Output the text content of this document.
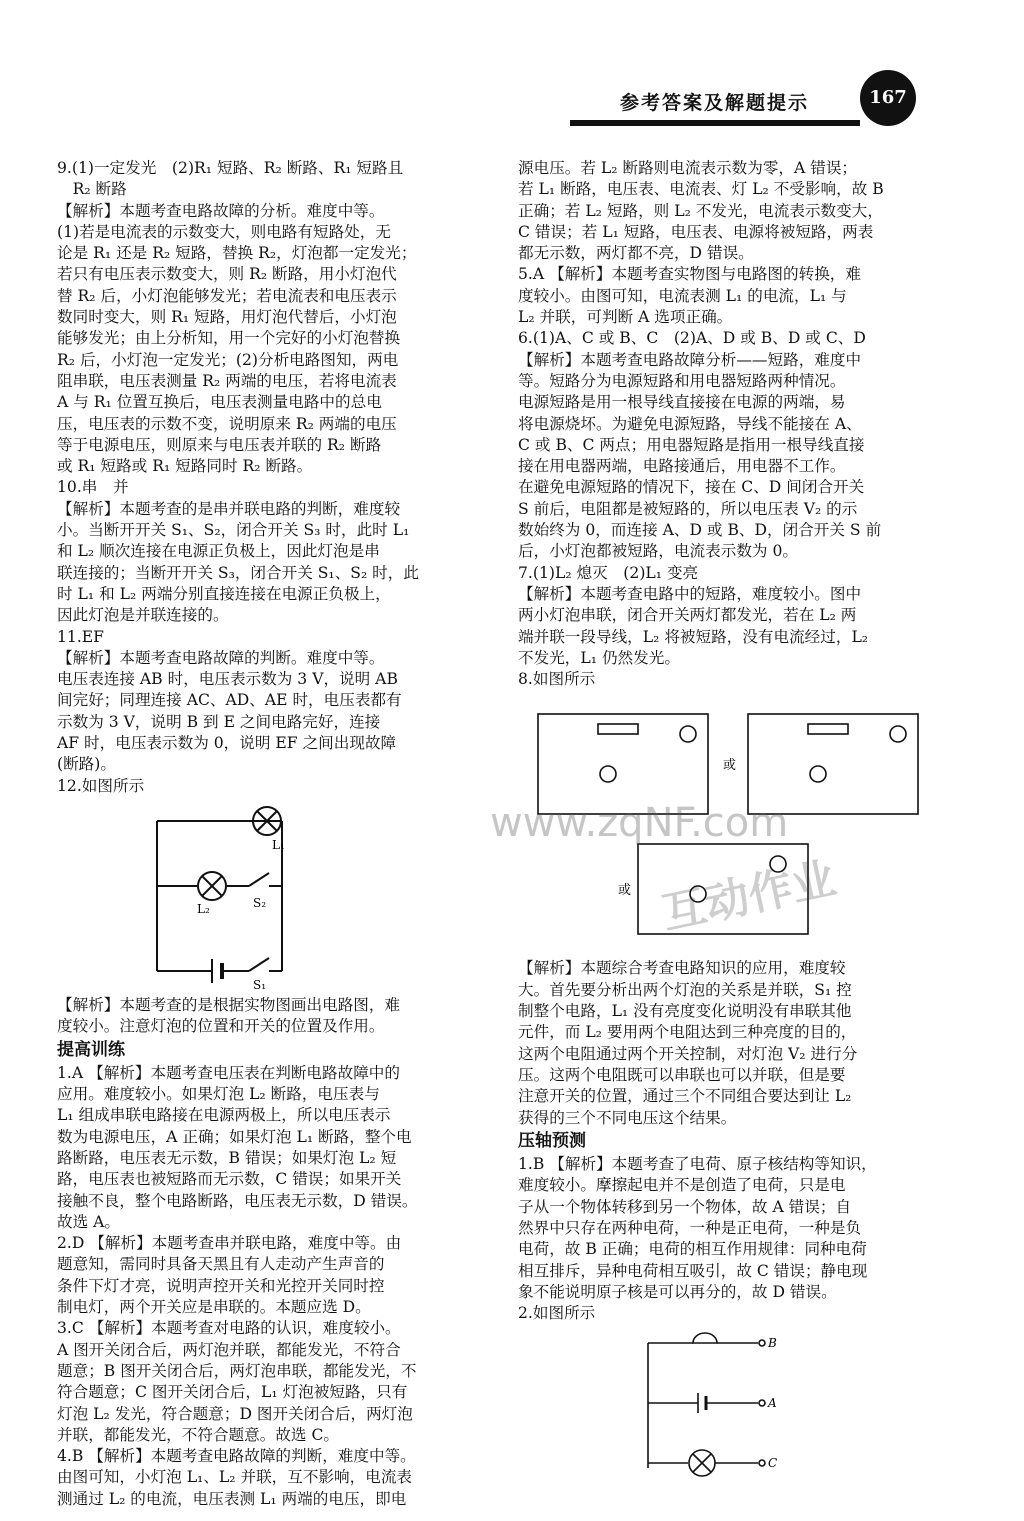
参考答案及解题提示	167
9.(1)一定发光　(2)R₁ 短路、R₂ 断路、R₁ 短路且
　R₂ 断路
【解析】本题考查电路故障的分析。难度中等。
(1)若是电流表的示数变大，则电路有短路处，无
论是 R₁ 还是 R₂ 短路，替换 R₂，灯泡都一定发光；
若只有电压表示数变大，则 R₂ 断路，用小灯泡代
替 R₂ 后，小灯泡能够发光；若电流表和电压表示
数同时变大，则 R₁ 短路，用灯泡代替后，小灯泡
能够发光；由上分析知，用一个完好的小灯泡替换
R₂ 后，小灯泡一定发光；(2)分析电路图知，两电
阻串联，电压表测量 R₂ 两端的电压，若将电流表
A 与 R₁ 位置互换后，电压表测量电路中的总电
压，电压表的示数不变，说明原来 R₂ 两端的电压
等于电源电压，则原来与电压表并联的 R₂ 断路
或 R₁ 短路或 R₁ 短路同时 R₂ 断路。
10.串　并
【解析】本题考查的是串并联电路的判断，难度较
小。当断开开关 S₁、S₂，闭合开关 S₃ 时，此时 L₁
和 L₂ 顺次连接在电源正负极上，因此灯泡是串
联连接的；当断开开关 S₃，闭合开关 S₁、S₂ 时，此
时 L₁ 和 L₂ 两端分别直接连接在电源正负极上，
因此灯泡是并联连接的。
11.EF
【解析】本题考查电路故障的判断。难度中等。
电压表连接 AB 时，电压表示数为 3 V，说明 AB
间完好；同理连接 AC、AD、AE 时，电压表都有
示数为 3 V，说明 B 到 E 之间电路完好，连接
AF 时，电压表示数为 0，说明 EF 之间出现故障
(断路)。
12.如图所示
L₁
L₂	S₂
S₁
【解析】本题考查的是根据实物图画出电路图，难
度较小。注意灯泡的位置和开关的位置及作用。
提高训练
1.A 【解析】本题考查电压表在判断电路故障中的
应用。难度较小。如果灯泡 L₂ 断路，电压表与
L₁ 组成串联电路接在电源两极上，所以电压表示
数为电源电压，A 正确；如果灯泡 L₁ 断路，整个电
路断路，电压表无示数，B 错误；如果灯泡 L₂ 短
路，电压表也被短路而无示数，C 错误；如果开关
接触不良，整个电路断路，电压表无示数，D 错误。
故选 A。
2.D 【解析】本题考查串并联电路，难度中等。由
题意知，需同时具备天黑且有人走动产生声音的
条件下灯才亮，说明声控开关和光控开关同时控
制电灯，两个开关应是串联的。本题应选 D。
3.C 【解析】本题考查对电路的认识，难度较小。
A 图开关闭合后，两灯泡并联，都能发光，不符合
题意；B 图开关闭合后，两灯泡串联，都能发光，不
符合题意；C 图开关闭合后，L₁ 灯泡被短路，只有
灯泡 L₂ 发光，符合题意；D 图开关闭合后，两灯泡
并联，都能发光，不符合题意。故选 C。
4.B 【解析】本题考查电路故障的判断，难度中等。
由图可知，小灯泡 L₁、L₂ 并联，互不影响，电流表
测通过 L₂ 的电流，电压表测 L₁ 两端的电压，即电
源电压。若 L₂ 断路则电流表示数为零，A 错误；
若 L₁ 断路，电压表、电流表、灯 L₂ 不受影响，故 B
正确；若 L₂ 短路，则 L₂ 不发光，电流表示数变大，
C 错误；若 L₁ 短路，电压表、电源将被短路，两表
都无示数，两灯都不亮，D 错误。
5.A 【解析】本题考查实物图与电路图的转换，难
度较小。由图可知，电流表测 L₁ 的电流，L₁ 与
L₂ 并联，可判断 A 选项正确。
6.(1)A、C 或 B、C　(2)A、D 或 B、D 或 C、D
【解析】本题考查电路故障分析——短路，难度中
等。短路分为电源短路和用电器短路两种情况。
电源短路是用一根导线直接接在电源的两端，易
将电源烧坏。为避免电源短路，导线不能接在 A、
C 或 B、C 两点；用电器短路是指用一根导线直接
接在用电器两端，电路接通后，用电器不工作。
在避免电源短路的情况下，接在 C、D 间闭合开关
S 前后，电阻都是被短路的，所以电压表 V₂ 的示
数始终为 0，而连接 A、D 或 B、D，闭合开关 S 前
后，小灯泡都被短路，电流表示数为 0。
7.(1)L₂ 熄灭　(2)L₁ 变亮
【解析】本题考查电路中的短路，难度较小。图中
两小灯泡串联，闭合开关两灯都发光，若在 L₂ 两
端并联一段导线，L₂ 将被短路，没有电流经过，L₂
不发光，L₁ 仍然发光。
8.如图所示
或
或
【解析】本题综合考查电路知识的应用，难度较
大。首先要分析出两个灯泡的关系是并联，S₁ 控
制整个电路，L₁ 没有亮度变化说明没有串联其他
元件，而 L₂ 要用两个电阻达到三种亮度的目的，
这两个电阻通过两个开关控制，对灯泡 V₂ 进行分
压。这两个电阻既可以串联也可以并联，但是要
注意开关的位置，通过三个不同组合要达到让 L₂
获得的三个不同电压这个结果。
压轴预测
1.B 【解析】本题考查了电荷、原子核结构等知识，
难度较小。摩擦起电并不是创造了电荷，只是电
子从一个物体转移到另一个物体，故 A 错误；自
然界中只存在两种电荷，一种是正电荷，一种是负
电荷，故 B 正确；电荷的相互作用规律：同种电荷
相互排斥，异种电荷相互吸引，故 C 错误；静电现
象不能说明原子核是可以再分的，故 D 错误。
2.如图所示
B
A
C
www.zqNF.com
互动作业
